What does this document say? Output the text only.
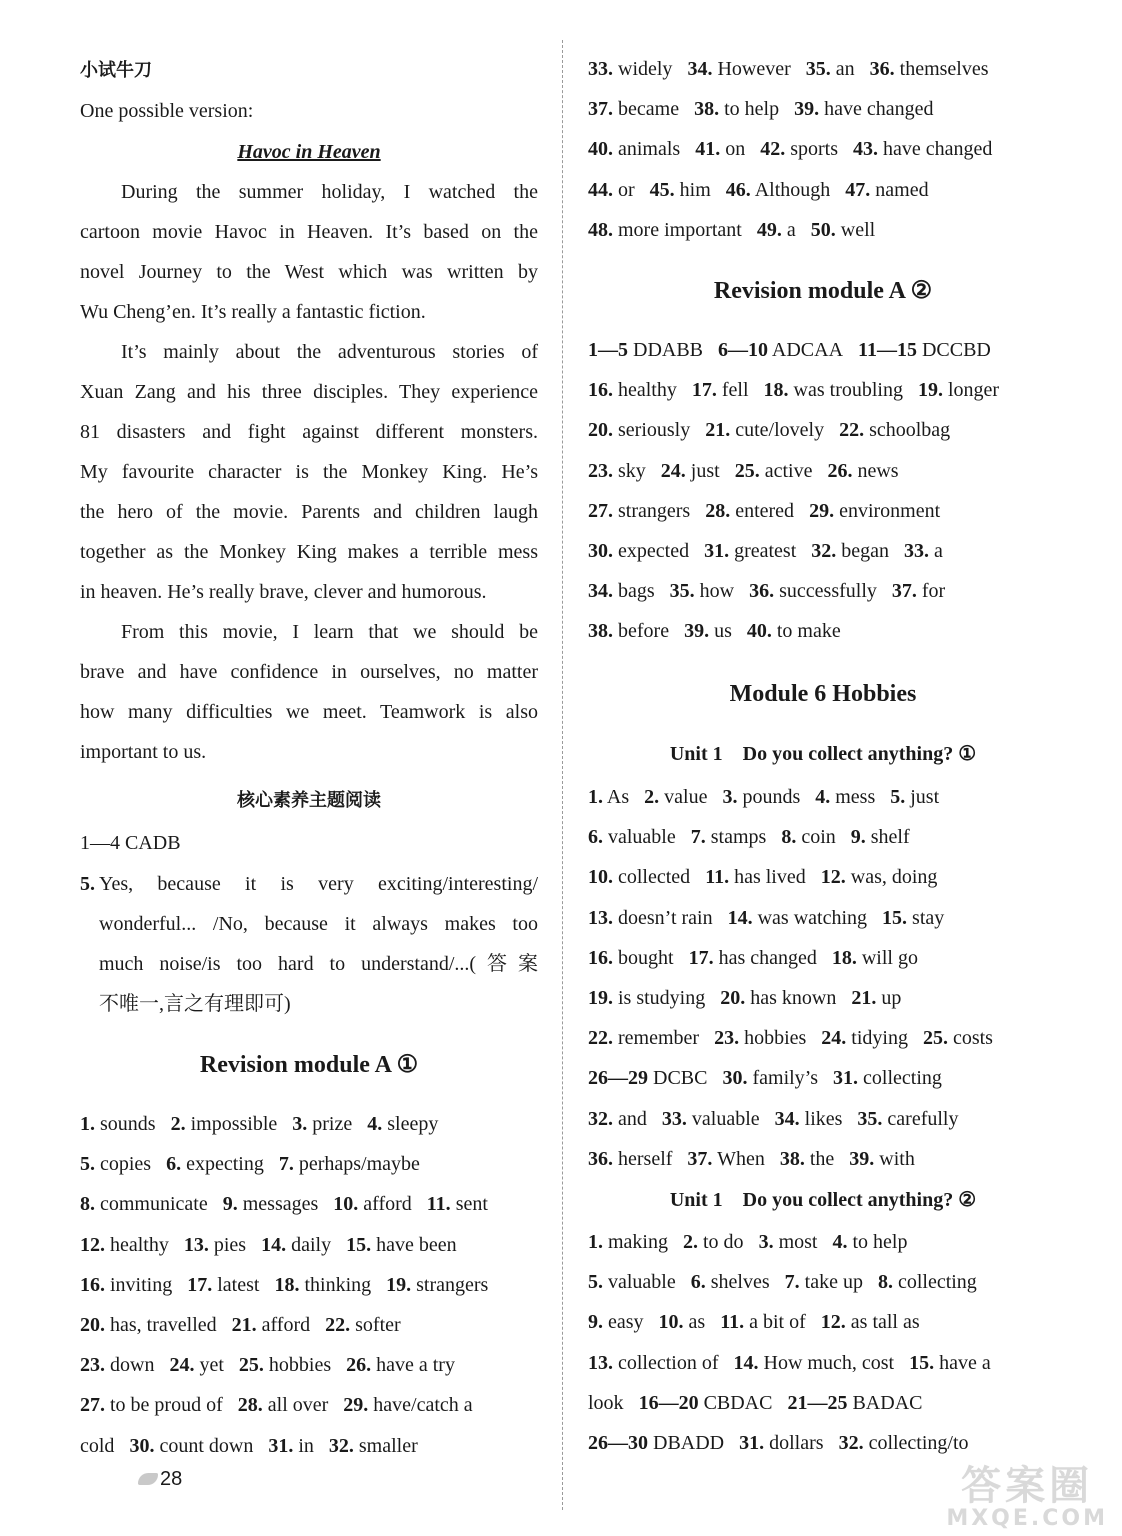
小试牛刀
One possible version:
Havoc in Heaven
During the summer holiday, I watched the
cartoon movie Havoc in Heaven. It’s based on the
novel Journey to the West which was written by
Wu Cheng’en. It’s really a fantastic fiction.
It’s mainly about the adventurous stories of
Xuan Zang and his three disciples. They experience
81 disasters and fight against different monsters.
My favourite character is the Monkey King. He’s
the hero of the movie. Parents and children laugh
together as the Monkey King makes a terrible mess
in heaven. He’s really brave, clever and humorous.
From this movie, I learn that we should be
brave and have confidence in ourselves, no matter
how many difficulties we meet. Teamwork is also
important to us.
核心素养主题阅读
1—4 CADB
5. Yes, because it is very exciting/interesting/
wonderful... /No, because it always makes too
much noise/is too hard to understand/...(答案
不唯一,言之有理即可)
Revision module A ①
1. sounds 2. impossible 3. prize 4. sleepy
5. copies 6. expecting 7. perhaps/maybe
8. communicate 9. messages 10. afford 11. sent
12. healthy 13. pies 14. daily 15. have been
16. inviting 17. latest 18. thinking 19. strangers
20. has, travelled 21. afford 22. softer
23. down 24. yet 25. hobbies 26. have a try
27. to be proud of 28. all over 29. have/catch a
cold 30. count down 31. in 32. smaller
28
33. widely 34. However 35. an 36. themselves
37. became 38. to help 39. have changed
40. animals 41. on 42. sports 43. have changed
44. or 45. him 46. Although 47. named
48. more important 49. a 50. well
Revision module A ②
1—5 DDABB 6—10 ADCAA 11—15 DCCBD
16. healthy 17. fell 18. was troubling 19. longer
20. seriously 21. cute/lovely 22. schoolbag
23. sky 24. just 25. active 26. news
27. strangers 28. entered 29. environment
30. expected 31. greatest 32. began 33. a
34. bags 35. how 36. successfully 37. for
38. before 39. us 40. to make
Module 6 Hobbies
Unit 1    Do you collect anything? ①
1. As 2. value 3. pounds 4. mess 5. just
6. valuable 7. stamps 8. coin 9. shelf
10. collected 11. has lived 12. was, doing
13. doesn’t rain 14. was watching 15. stay
16. bought 17. has changed 18. will go
19. is studying 20. has known 21. up
22. remember 23. hobbies 24. tidying 25. costs
26—29 DCBC 30. family’s 31. collecting
32. and 33. valuable 34. likes 35. carefully
36. herself 37. When 38. the 39. with
Unit 1    Do you collect anything? ②
1. making 2. to do 3. most 4. to help
5. valuable 6. shelves 7. take up 8. collecting
9. easy 10. as 11. a bit of 12. as tall as
13. collection of 14. How much, cost 15. have a
look 16—20 CBDAC 21—25 BADAC
26—30 DBADD 31. dollars 32. collecting/to
答案圈
MXQE.COM
